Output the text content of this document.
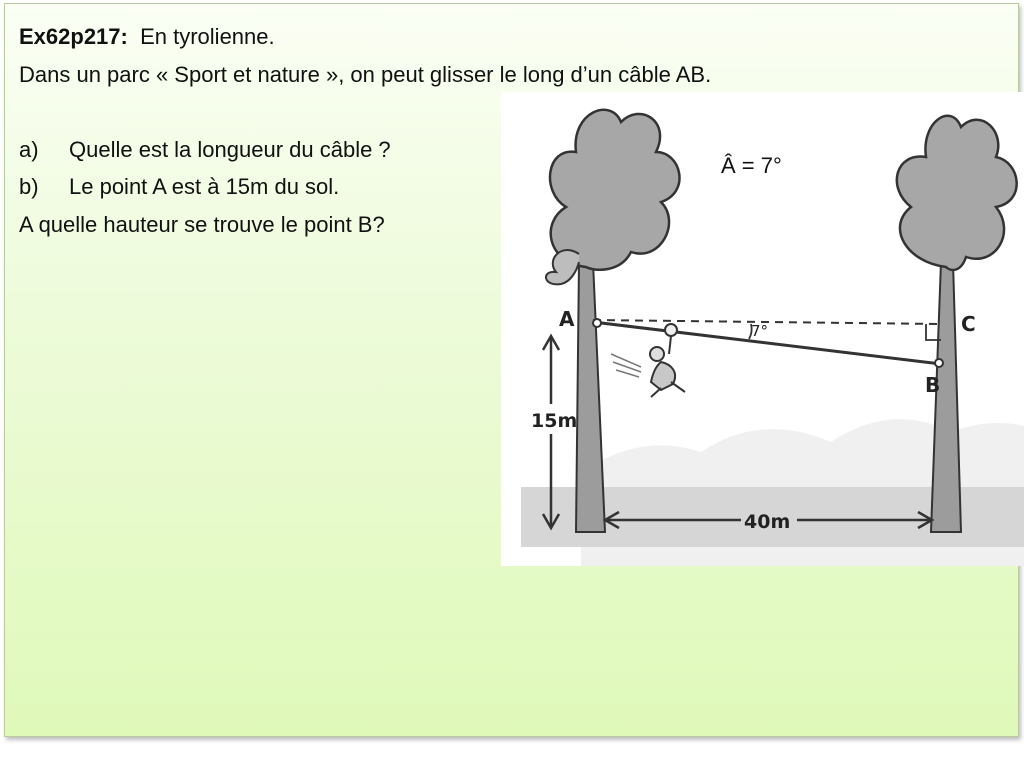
Ex62p217: En tyrolienne.
Dans un parc « Sport et nature », on peut glisser le long d’un câble AB.

a) Quelle est la longueur du câble ?
b) Le point A est à 15m du sol.
A quelle hauteur se trouve le point B?
A	C
B
7°
15m
40m
Â = 7°
